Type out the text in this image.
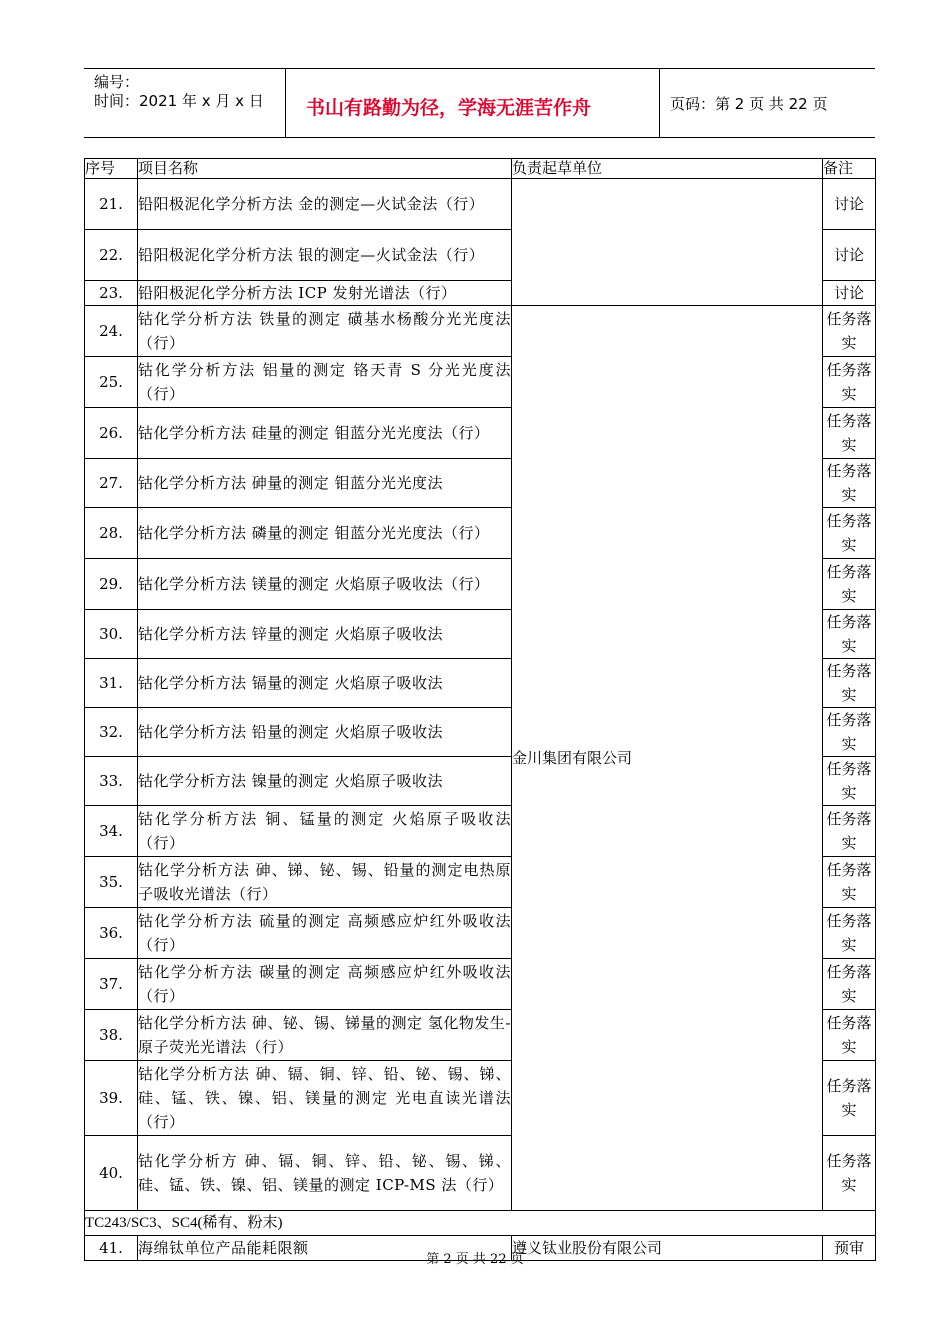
编号：
时间：2021 年 x 月 x 日 书山有路勤为径，学海无涯苦作舟	页码：第 2 页 共 22 页
序号	项目名称	负责起草单位	备注
21.	铅阳极泥化学分析方法 金的测定—火试金法（行）		讨论
22.	铅阳极泥化学分析方法 银的测定—火试金法（行）		讨论
23.	铅阳极泥化学分析方法 ICP 发射光谱法（行）		讨论
24.	钴化学分析方法 铁量的测定 磺基水杨酸分光光度法（行）	金川集团有限公司	任务落实
25.	钴化学分析方法 铝量的测定 铬天青 S 分光光度法（行）		任务落实
26.	钴化学分析方法 硅量的测定 钼蓝分光光度法（行）		任务落实
27.	钴化学分析方法 砷量的测定 钼蓝分光光度法		任务落实
28.	钴化学分析方法 磷量的测定 钼蓝分光光度法（行）		任务落实
29.	钴化学分析方法 镁量的测定 火焰原子吸收法（行）		任务落实
30.	钴化学分析方法 锌量的测定 火焰原子吸收法		任务落实
31.	钴化学分析方法 镉量的测定 火焰原子吸收法		任务落实
32.	钴化学分析方法 铅量的测定 火焰原子吸收法		任务落实
33.	钴化学分析方法 镍量的测定 火焰原子吸收法		任务落实
34.	钴化学分析方法 铜、锰量的测定 火焰原子吸收法（行）		任务落实
35.	钴化学分析方法 砷、锑、铋、锡、铅量的测定电热原子吸收光谱法（行）		任务落实
36.	钴化学分析方法 硫量的测定 高频感应炉红外吸收法（行）		任务落实
37.	钴化学分析方法 碳量的测定 高频感应炉红外吸收法（行）		任务落实
38.	钴化学分析方法 砷、铋、锡、锑量的测定 氢化物发生-原子荧光光谱法（行）		任务落实
39.	钴化学分析方法 砷、镉、铜、锌、铅、铋、锡、锑、硅、锰、铁、镍、铝、镁量的测定 光电直读光谱法（行）		任务落实
40.	钴化学分析方 砷、镉、铜、锌、铅、铋、锡、锑、硅、锰、铁、镍、铝、镁量的测定 ICP-MS 法（行）		任务落实
TC243/SC3、SC4(稀有、粉末)			
41.	海绵钛单位产品能耗限额	遵义钛业股份有限公司	预审
第 2 页 共 22 页
